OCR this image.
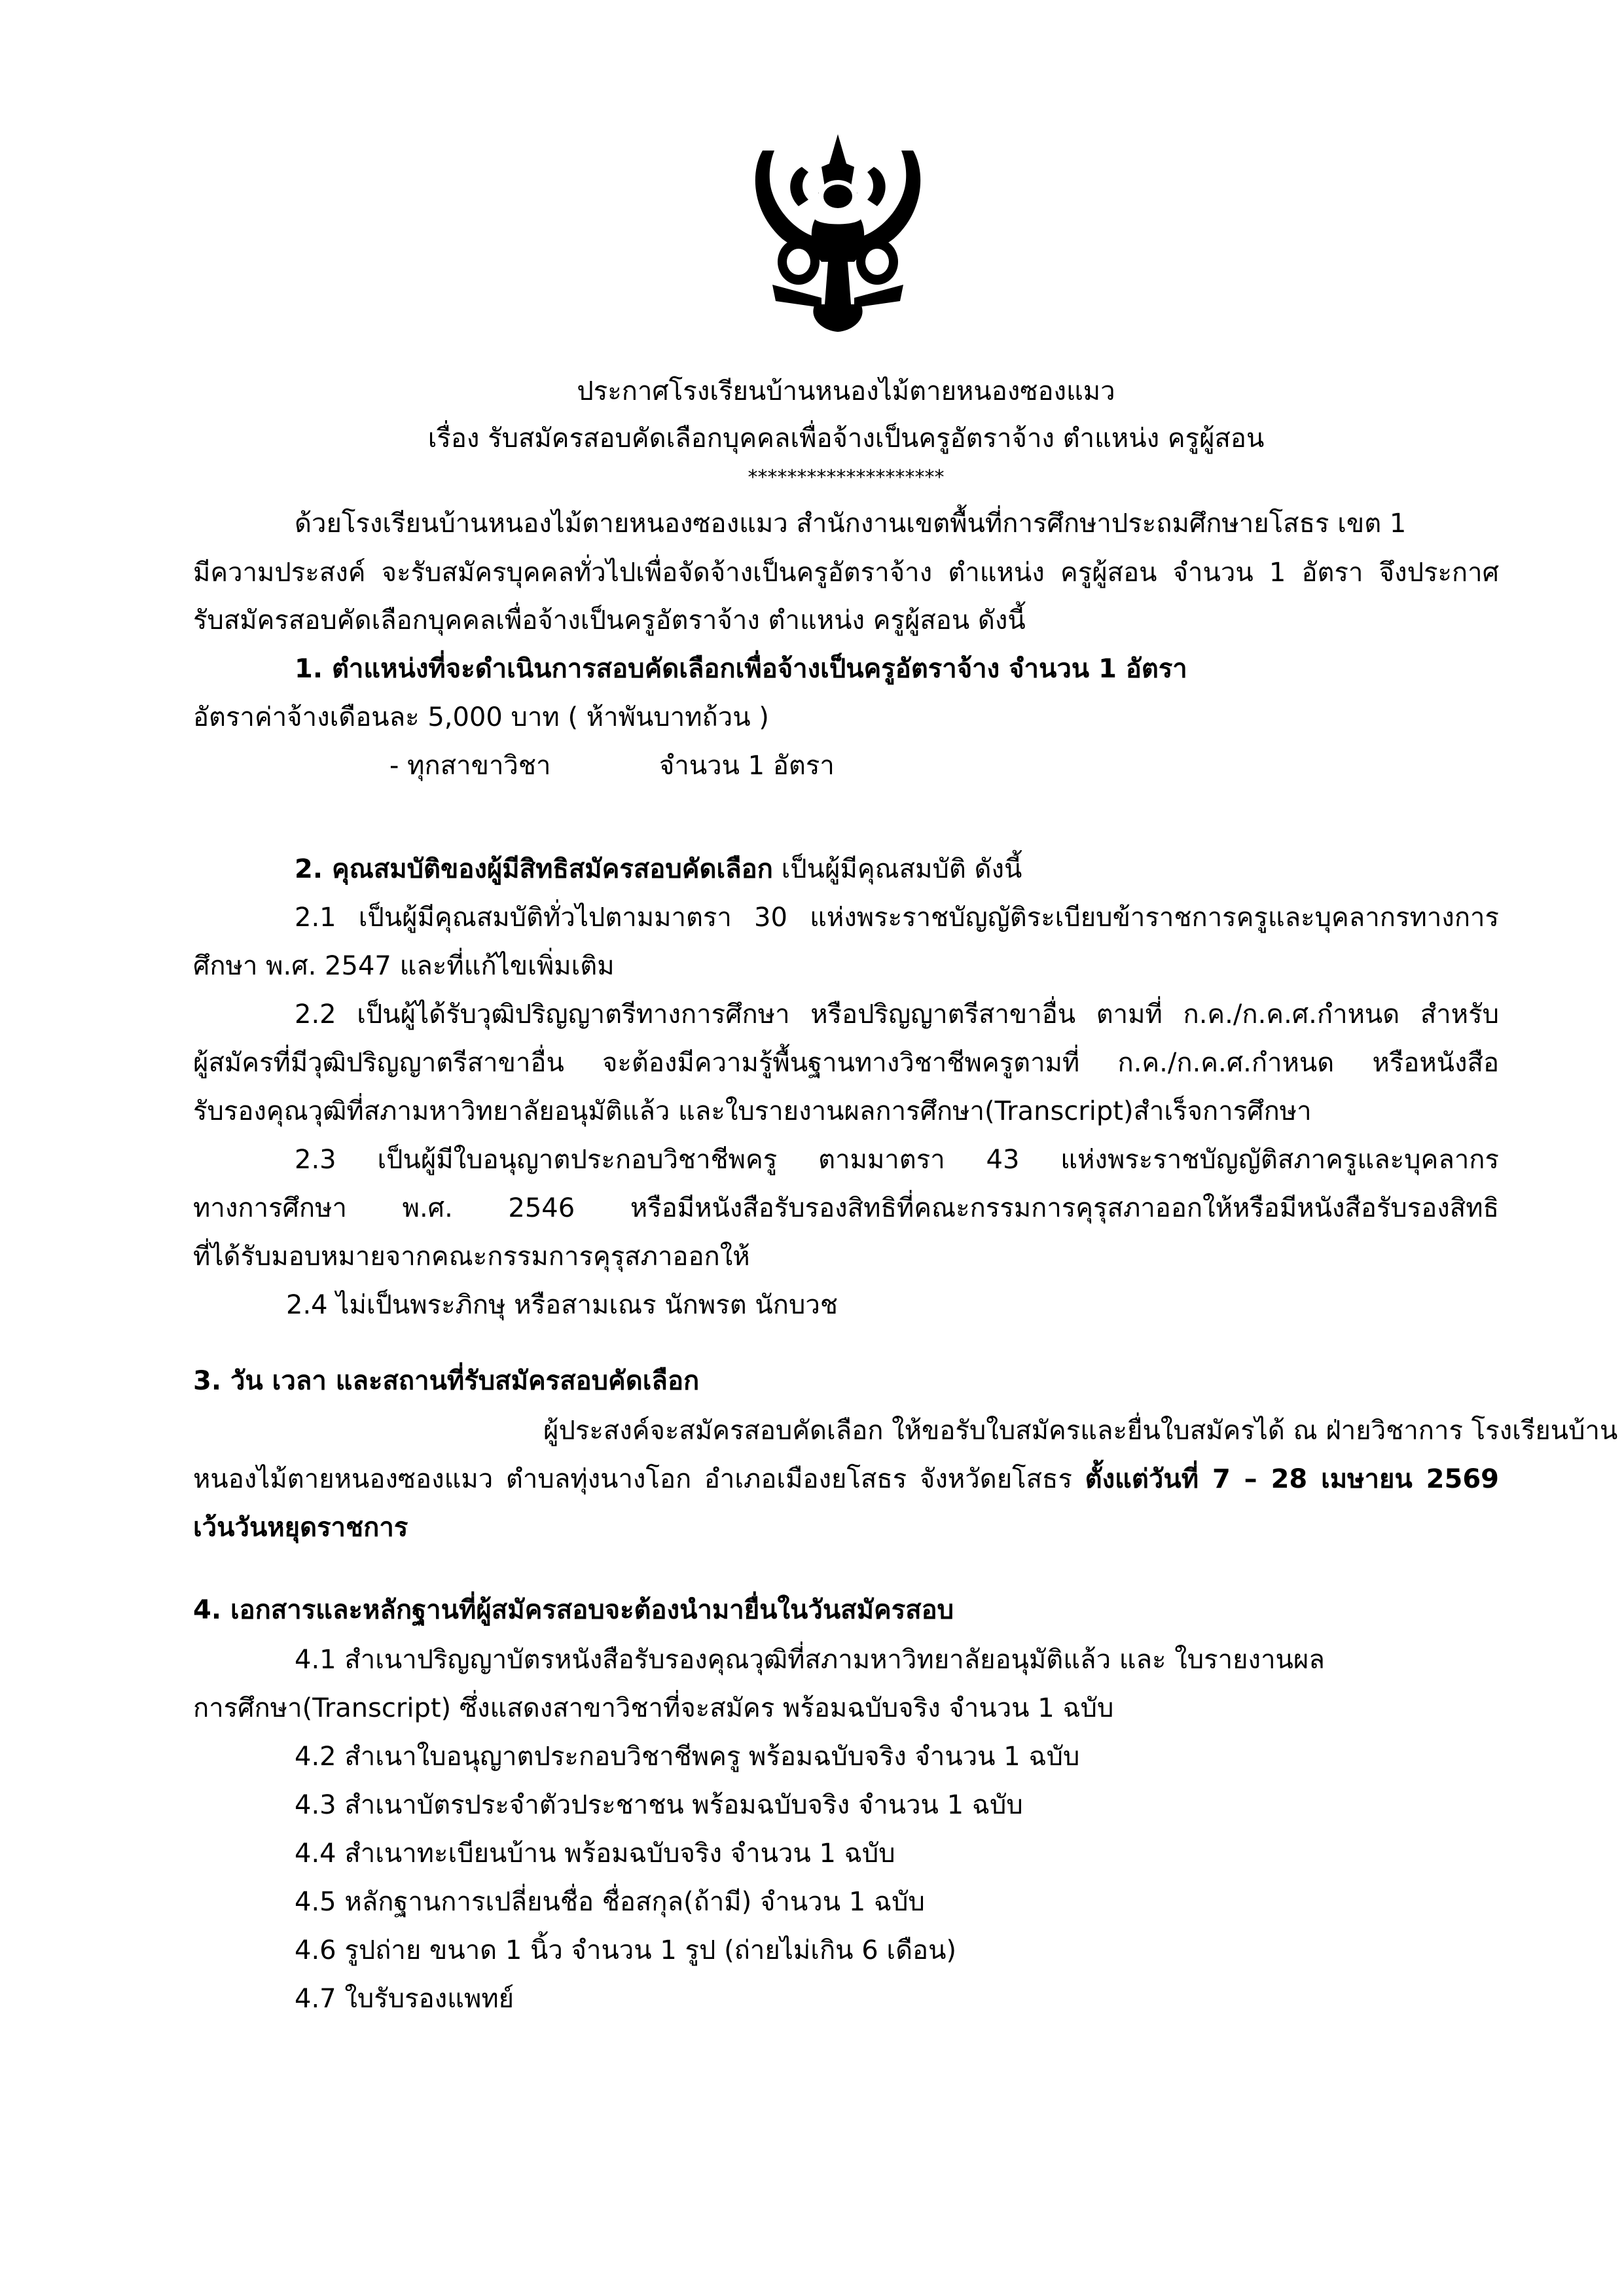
ประกาศโรงเรียนบ้านหนองไม้ตายหนองซองแมว
เรื่อง รับสมัครสอบคัดเลือกบุคคลเพื่อจ้างเป็นครูอัตราจ้าง ตำแหน่ง ครูผู้สอน
********************
ด้วยโรงเรียนบ้านหนองไม้ตายหนองซองแมว สำนักงานเขตพื้นที่การศึกษาประถมศึกษายโสธร เขต 1
มีความประสงค์ จะรับสมัครบุคคลทั่วไปเพื่อจัดจ้างเป็นครูอัตราจ้าง ตำแหน่ง ครูผู้สอน จำนวน 1 อัตรา จึงประกาศ
รับสมัครสอบคัดเลือกบุคคลเพื่อจ้างเป็นครูอัตราจ้าง ตำแหน่ง ครูผู้สอน ดังนี้
1. ตำแหน่งที่จะดำเนินการสอบคัดเลือกเพื่อจ้างเป็นครูอัตราจ้าง จำนวน 1 อัตรา
อัตราค่าจ้างเดือนละ 5,000 บาท ( ห้าพันบาทถ้วน )
- ทุกสาขาวิชา	จำนวน 1 อัตรา
2. คุณสมบัติของผู้มีสิทธิสมัครสอบคัดเลือก เป็นผู้มีคุณสมบัติ ดังนี้
2.1 เป็นผู้มีคุณสมบัติทั่วไปตามมาตรา 30 แห่งพระราชบัญญัติระเบียบข้าราชการครูและบุคลากรทางการ
ศึกษา พ.ศ. 2547 และที่แก้ไขเพิ่มเติม
2.2 เป็นผู้ได้รับวุฒิปริญญาตรีทางการศึกษา หรือปริญญาตรีสาขาอื่น ตามที่ ก.ค./ก.ค.ศ.กำหนด สำหรับ
ผู้สมัครที่มีวุฒิปริญญาตรีสาขาอื่น จะต้องมีความรู้พื้นฐานทางวิชาชีพครูตามที่ ก.ค./ก.ค.ศ.กำหนด หรือหนังสือ
รับรองคุณวุฒิที่สภามหาวิทยาลัยอนุมัติแล้ว และใบรายงานผลการศึกษา(Transcript)สำเร็จการศึกษา
2.3 เป็นผู้มีใบอนุญาตประกอบวิชาชีพครู ตามมาตรา 43 แห่งพระราชบัญญัติสภาครูและบุคลากร
ทางการศึกษา พ.ศ. 2546 หรือมีหนังสือรับรองสิทธิที่คณะกรรมการคุรุสภาออกให้หรือมีหนังสือรับรองสิทธิ
ที่ได้รับมอบหมายจากคณะกรรมการคุรุสภาออกให้
2.4 ไม่เป็นพระภิกษุ หรือสามเณร นักพรต นักบวช
3. วัน เวลา และสถานที่รับสมัครสอบคัดเลือก
ผู้ประสงค์จะสมัครสอบคัดเลือก ให้ขอรับใบสมัครและยื่นใบสมัครได้ ณ ฝ่ายวิชาการ โรงเรียนบ้าน
หนองไม้ตายหนองซองแมว ตำบลทุ่งนางโอก อำเภอเมืองยโสธร จังหวัดยโสธร ตั้งแต่วันที่ 7 – 28 เมษายน 2569
เว้นวันหยุดราชการ
4. เอกสารและหลักฐานที่ผู้สมัครสอบจะต้องนำมายื่นในวันสมัครสอบ
4.1 สำเนาปริญญาบัตรหนังสือรับรองคุณวุฒิที่สภามหาวิทยาลัยอนุมัติแล้ว และ ใบรายงานผล
การศึกษา(Transcript) ซึ่งแสดงสาขาวิชาที่จะสมัคร พร้อมฉบับจริง จำนวน 1 ฉบับ
4.2 สำเนาใบอนุญาตประกอบวิชาชีพครู พร้อมฉบับจริง จำนวน 1 ฉบับ
4.3 สำเนาบัตรประจำตัวประชาชน พร้อมฉบับจริง จำนวน 1 ฉบับ
4.4 สำเนาทะเบียนบ้าน พร้อมฉบับจริง จำนวน 1 ฉบับ
4.5 หลักฐานการเปลี่ยนชื่อ ชื่อสกุล(ถ้ามี) จำนวน 1 ฉบับ
4.6 รูปถ่าย ขนาด 1 นิ้ว จำนวน 1 รูป (ถ่ายไม่เกิน 6 เดือน)
4.7 ใบรับรองแพทย์
